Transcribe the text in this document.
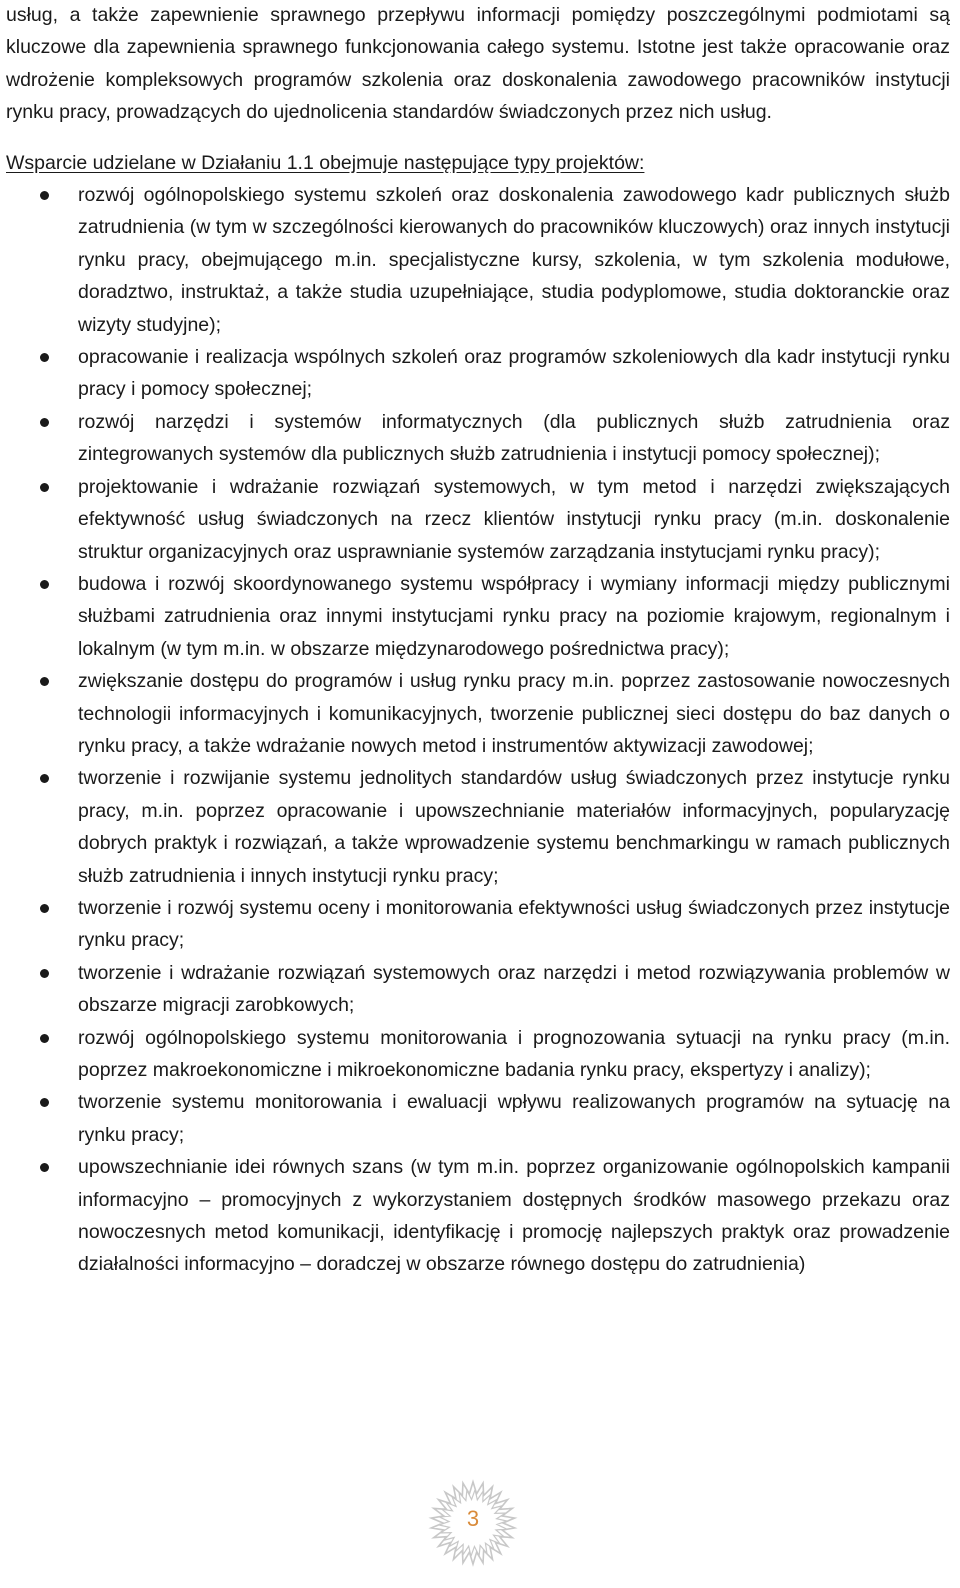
usług, a także zapewnienie sprawnego przepływu informacji pomiędzy poszczególnymi podmiotami są kluczowe dla zapewnienia sprawnego funkcjonowania całego systemu. Istotne jest także opracowanie oraz wdrożenie kompleksowych programów szkolenia oraz doskonalenia zawodowego pracowników instytucji rynku pracy, prowadzących do ujednolicenia standardów świadczonych przez nich usług.

Wsparcie udzielane w Działaniu 1.1 obejmuje następujące typy projektów:

rozwój ogólnopolskiego systemu szkoleń oraz doskonalenia zawodowego kadr publicznych służb zatrudnienia (w tym w szczególności kierowanych do pracowników kluczowych) oraz innych instytucji rynku pracy, obejmującego m.in. specjalistyczne kursy, szkolenia, w tym szkolenia modułowe, doradztwo, instruktaż, a także studia uzupełniające, studia podyplomowe, studia doktoranckie oraz wizyty studyjne);
opracowanie i realizacja wspólnych szkoleń oraz programów szkoleniowych dla kadr instytucji rynku pracy i pomocy społecznej;
rozwój narzędzi i systemów informatycznych (dla publicznych służb zatrudnienia oraz zintegrowanych systemów dla publicznych służb zatrudnienia i instytucji pomocy społecznej);
projektowanie i wdrażanie rozwiązań systemowych, w tym metod i narzędzi zwiększających efektywność usług świadczonych na rzecz klientów instytucji rynku pracy (m.in. doskonalenie struktur organizacyjnych oraz usprawnianie systemów zarządzania instytucjami rynku pracy);
budowa i rozwój skoordynowanego systemu współpracy i wymiany informacji między publicznymi służbami zatrudnienia oraz innymi instytucjami rynku pracy na poziomie krajowym, regionalnym i lokalnym (w tym m.in. w obszarze międzynarodowego pośrednictwa pracy);
zwiększanie dostępu do programów i usług rynku pracy m.in. poprzez zastosowanie nowoczesnych technologii informacyjnych i komunikacyjnych, tworzenie publicznej sieci dostępu do baz danych o rynku pracy, a także wdrażanie nowych metod i instrumentów aktywizacji zawodowej;
tworzenie i rozwijanie systemu jednolitych standardów usług świadczonych przez instytucje rynku pracy, m.in. poprzez opracowanie i upowszechnianie materiałów informacyjnych, popularyzację dobrych praktyk i rozwiązań, a także wprowadzenie systemu benchmarkingu w ramach publicznych służb zatrudnienia i innych instytucji rynku pracy;
tworzenie i rozwój systemu oceny i monitorowania efektywności usług świadczonych przez instytucje rynku pracy;
tworzenie i wdrażanie rozwiązań systemowych oraz narzędzi i metod rozwiązywania problemów w obszarze migracji zarobkowych;
rozwój ogólnopolskiego systemu monitorowania i prognozowania sytuacji na rynku pracy (m.in. poprzez makroekonomiczne i mikroekonomiczne badania rynku pracy, ekspertyzy i analizy);
tworzenie systemu monitorowania i ewaluacji wpływu realizowanych programów na sytuację na rynku pracy;
upowszechnianie idei równych szans (w tym m.in. poprzez organizowanie ogólnopolskich kampanii informacyjno – promocyjnych z wykorzystaniem dostępnych środków masowego przekazu oraz nowoczesnych metod komunikacji, identyfikację i promocję najlepszych praktyk oraz prowadzenie działalności informacyjno – doradczej w obszarze równego dostępu do zatrudnienia)
3
